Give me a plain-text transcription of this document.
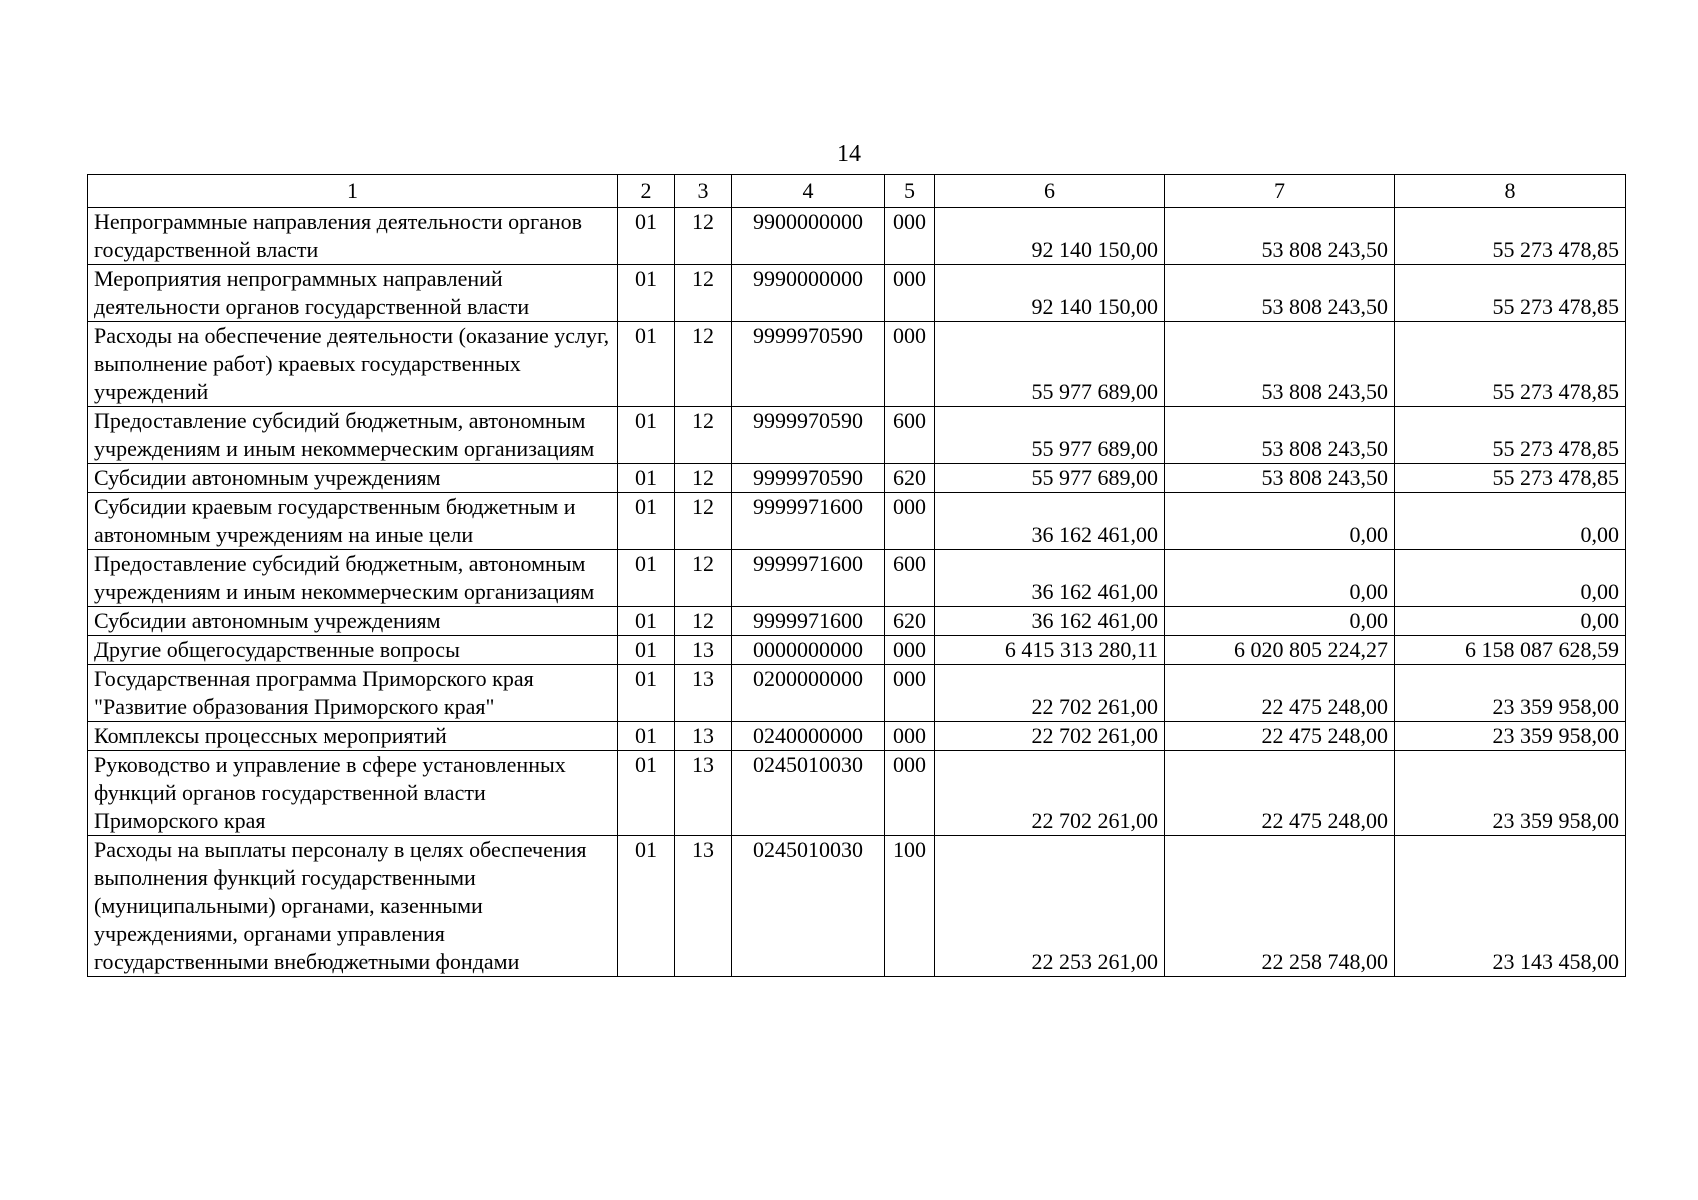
14
1	2	3	4	5	6	7	8
Непрограммные направления деятельности органов государственной власти	01	12	9900000000	000	92 140 150,00	53 808 243,50	55 273 478,85
Мероприятия непрограммных направлений деятельности органов государственной власти	01	12	9990000000	000	92 140 150,00	53 808 243,50	55 273 478,85
Расходы на обеспечение деятельности (оказание услуг, выполнение работ) краевых государственных учреждений	01	12	9999970590	000	55 977 689,00	53 808 243,50	55 273 478,85
Предоставление субсидий бюджетным, автономным учреждениям и иным некоммерческим организациям	01	12	9999970590	600	55 977 689,00	53 808 243,50	55 273 478,85
Субсидии автономным учреждениям	01	12	9999970590	620	55 977 689,00	53 808 243,50	55 273 478,85
Субсидии краевым государственным бюджетным и автономным учреждениям на иные цели	01	12	9999971600	000	36 162 461,00	0,00	0,00
Предоставление субсидий бюджетным, автономным учреждениям и иным некоммерческим организациям	01	12	9999971600	600	36 162 461,00	0,00	0,00
Субсидии автономным учреждениям	01	12	9999971600	620	36 162 461,00	0,00	0,00
Другие общегосударственные вопросы	01	13	0000000000	000	6 415 313 280,11	6 020 805 224,27	6 158 087 628,59
Государственная программа Приморского края "Развитие образования Приморского края"	01	13	0200000000	000	22 702 261,00	22 475 248,00	23 359 958,00
Комплексы процессных мероприятий	01	13	0240000000	000	22 702 261,00	22 475 248,00	23 359 958,00
Руководство и управление в сфере установленных функций органов государственной власти Приморского края	01	13	0245010030	000	22 702 261,00	22 475 248,00	23 359 958,00
Расходы на выплаты персоналу в целях обеспечения выполнения функций государственными (муниципальными) органами, казенными учреждениями, органами управления государственными внебюджетными фондами	01	13	0245010030	100	22 253 261,00	22 258 748,00	23 143 458,00
